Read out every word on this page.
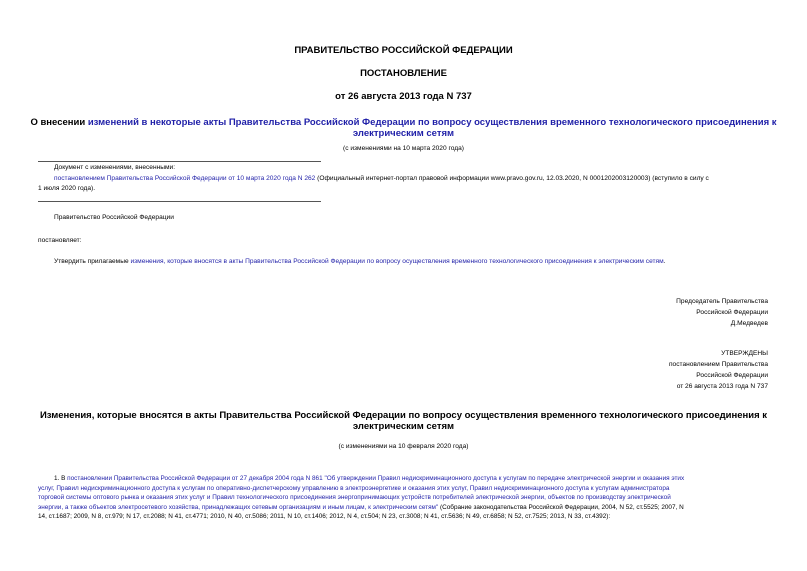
ПРАВИТЕЛЬСТВО РОССИЙСКОЙ ФЕДЕРАЦИИ
ПОСТАНОВЛЕНИЕ
от 26 августа 2013 года N 737
О внесении изменений в некоторые акты Правительства Российской Федерации по вопросу осуществления временного технологического присоединения к
электрическим сетям
(с изменениями на 10 марта 2020 года)
Документ с изменениями, внесенными:
постановлением Правительства Российской Федерации от 10 марта 2020 года N 262 (Официальный интернет-портал правовой информации www.pravo.gov.ru, 12.03.2020, N 0001202003120003) (вступило в силу с
1 июля 2020 года).
Правительство Российской Федерации
постановляет:
Утвердить прилагаемые изменения, которые вносятся в акты Правительства Российской Федерации по вопросу осуществления временного технологического присоединения к электрическим сетям.
Председатель Правительства
Российской Федерации
Д.Медведев
УТВЕРЖДЕНЫ
постановлением Правительства
Российской Федерации
от 26 августа 2013 года N 737
Изменения, которые вносятся в акты Правительства Российской Федерации по вопросу осуществления временного технологического присоединения к
электрическим сетям
(с изменениями на 10 февраля 2020 года)
1. В постановлении Правительства Российской Федерации от 27 декабря 2004 года N 861 "Об утверждении Правил недискриминационного доступа к услугам по передаче электрической энергии и оказания этих
услуг, Правил недискриминационного доступа к услугам по оперативно-диспетчерскому управлению в электроэнергетике и оказания этих услуг, Правил недискриминационного доступа к услугам администратора
торговой системы оптового рынка и оказания этих услуг и Правил технологического присоединения энергопринимающих устройств потребителей электрической энергии, объектов по производству электрической
энергии, а также объектов электросетевого хозяйства, принадлежащих сетевым организациям и иным лицам, к электрическим сетям" (Собрание законодательства Российской Федерации, 2004, N 52, ст.5525; 2007, N
14, ст.1687; 2009, N 8, ст.979; N 17, ст.2088; N 41, ст.4771; 2010, N 40, ст.5086; 2011, N 10, ст.1406; 2012, N 4, ст.504; N 23, ст.3008; N 41, ст.5636; N 49, ст.6858; N 52, ст.7525; 2013, N 33, ст.4392):
